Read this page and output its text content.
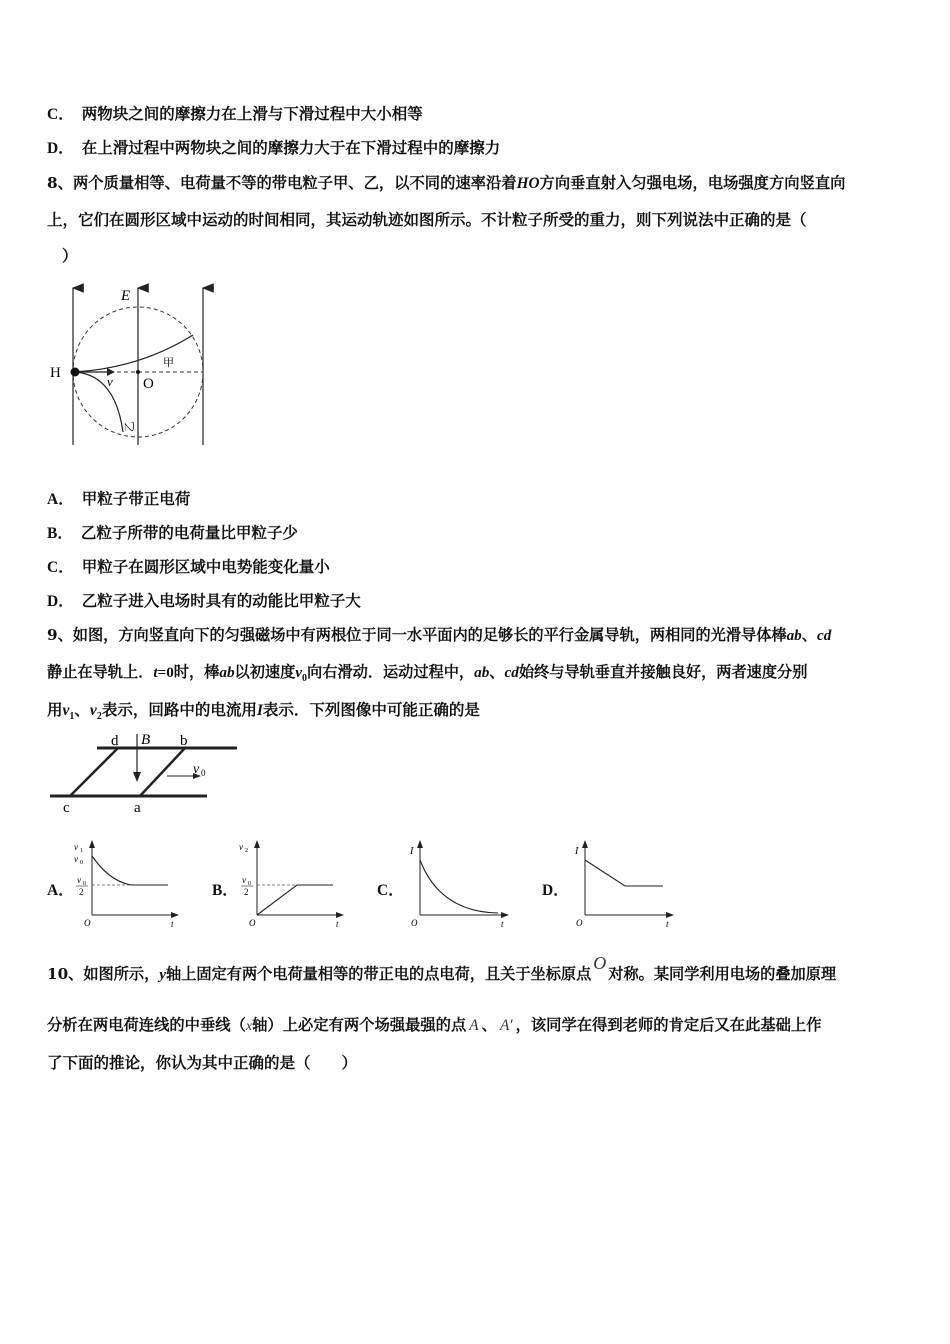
C． 两物块之间的摩擦力在上滑与下滑过程中大小相等
D． 在上滑过程中两物块之间的摩擦力大于在下滑过程中的摩擦力
8、两个质量相等、电荷量不等的带电粒子甲、乙，以不同的速率沿着HO方向垂直射入匀强电场，电场强度方向竖直向
上，它们在圆形区域中运动的时间相同，其运动轨迹如图所示。不计粒子所受的重力，则下列说法中正确的是（
）
E
H
O
v
甲
乙
A． 甲粒子带正电荷
B． 乙粒子所带的电荷量比甲粒子少
C． 甲粒子在圆形区域中电势能变化量小
D． 乙粒子进入电场时具有的动能比甲粒子大
9、如图，方向竖直向下的匀强磁场中有两根位于同一水平面内的足够长的平行金属导轨，两相同的光滑导体棒ab、cd
静止在导轨上．t=0时，棒ab以初速度$v_0$向右滑动．运动过程中，ab、cd始终与导轨垂直并接触良好，两者速度分别
用$v_1$、$v_2$表示，回路中的电流用I表示．下列图像中可能正确的是
d B b
c	a
v 0
A．
v 1
v 0
v 0
2
O	t
B．
v 2
v 0
2
O	t
C．
I
O	t
D．
I
O	t
10、如图所示，y轴上固定有两个电荷量相等的带正电的点电荷，且关于坐标原点O对称。某同学利用电场的叠加原理
分析在两电荷连线的中垂线（x轴）上必定有两个场强最强的点 A 、 A' ，该同学在得到老师的肯定后又在此基础上作
了下面的推论，你认为其中正确的是（　　）
